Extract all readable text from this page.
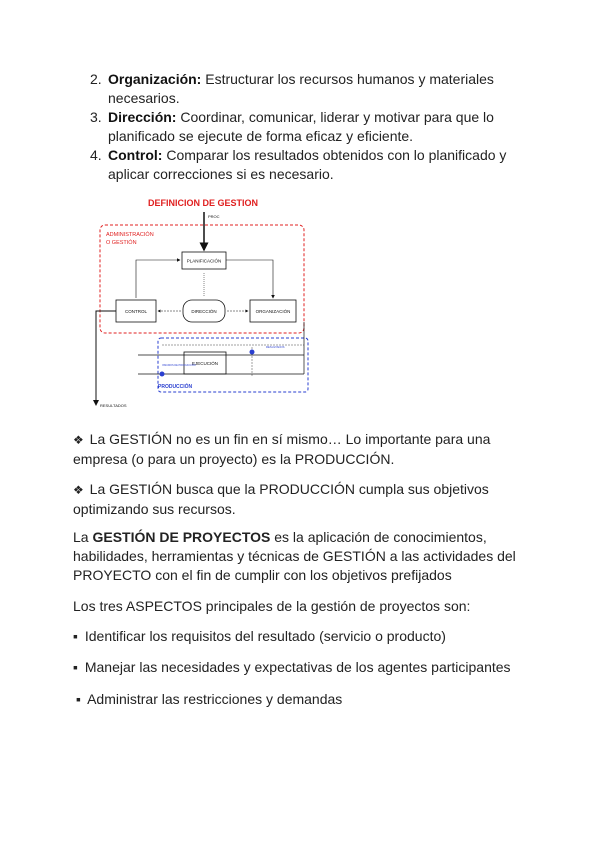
2. Organización: Estructurar los recursos humanos y materiales necesarios.
3. Dirección: Coordinar, comunicar, liderar y motivar para que lo planificado se ejecute de forma eficaz y eficiente.
4. Control: Comparar los resultados obtenidos con lo planificado y aplicar correcciones si es necesario.
DEFINICION DE GESTION
ADMINISTRACIÓN
O GESTIÓN
PROC
PLANIFICACIÓN
CONTROL	DIRECCIÓN	ORGANIZACIÓN
PRODUCCIÓN
EJECUCIÓN
INSUMOS DE PRODUCCIÓN
RESULTADOS
RESULTADOS
❖ La GESTIÓN no es un fin en sí mismo… Lo importante para una empresa (o para un proyecto) es la PRODUCCIÓN.
❖ La GESTIÓN busca que la PRODUCCIÓN cumpla sus objetivos optimizando sus recursos.
La GESTIÓN DE PROYECTOS es la aplicación de conocimientos, habilidades, herramientas y técnicas de GESTIÓN a las actividades del PROYECTO con el fin de cumplir con los objetivos prefijados
Los tres ASPECTOS principales de la gestión de proyectos son:
▪ Identificar los requisitos del resultado (servicio o producto)
▪ Manejar las necesidades y expectativas de los agentes participantes
▪ Administrar las restricciones y demandas
